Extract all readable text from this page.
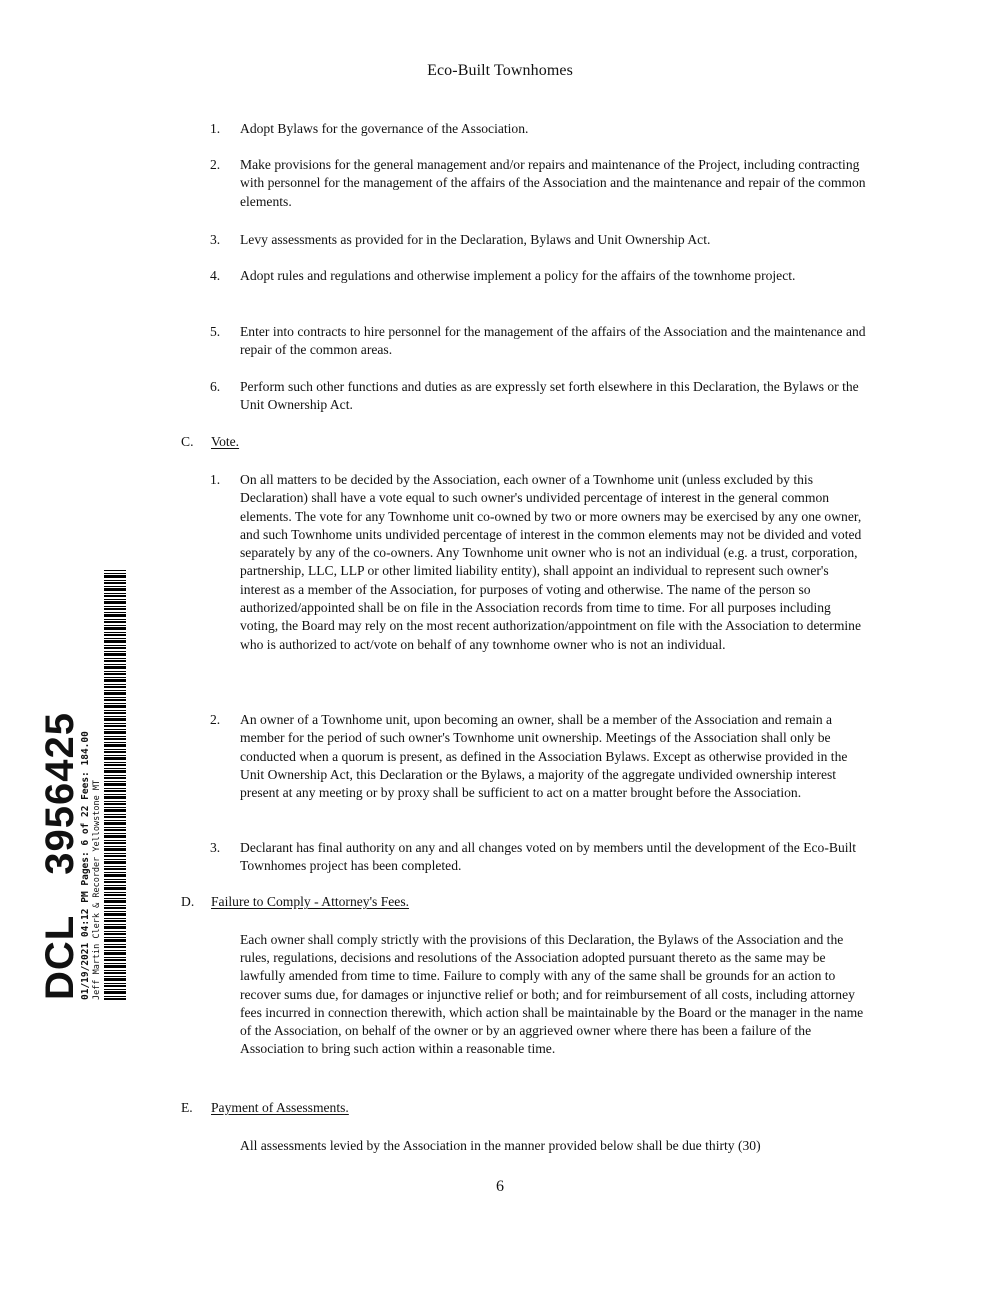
Eco-Built Townhomes
1.	Adopt Bylaws for the governance of the Association.
2.	Make provisions for the general management and/or repairs and maintenance of the Project, including contracting with personnel for the management of the affairs of the Association and the maintenance and repair of the common elements.
3.	Levy assessments as provided for in the Declaration, Bylaws and Unit Ownership Act.
4.	Adopt rules and regulations and otherwise implement a policy for the affairs of the townhome project.
5.	Enter into contracts to hire personnel for the management of the affairs of the Association and the maintenance and repair of the common areas.
6.	Perform such other functions and duties as are expressly set forth elsewhere in this Declaration, the Bylaws or the Unit Ownership Act.
C. Vote.
1.	On all matters to be decided by the Association, each owner of a Townhome unit (unless excluded by this Declaration) shall have a vote equal to such owner's undivided percentage of interest in the general common elements. The vote for any Townhome unit co-owned by two or more owners may be exercised by any one owner, and such Townhome units undivided percentage of interest in the common elements may not be divided and voted separately by any of the co-owners. Any Townhome unit owner who is not an individual (e.g. a trust, corporation, partnership, LLC, LLP or other limited liability entity), shall appoint an individual to represent such owner's interest as a member of the Association, for purposes of voting and otherwise. The name of the person so authorized/appointed shall be on file in the Association records from time to time. For all purposes including voting, the Board may rely on the most recent authorization/appointment on file with the Association to determine who is authorized to act/vote on behalf of any townhome owner who is not an individual.
2.	An owner of a Townhome unit, upon becoming an owner, shall be a member of the Association and remain a member for the period of such owner's Townhome unit ownership. Meetings of the Association shall only be conducted when a quorum is present, as defined in the Association Bylaws. Except as otherwise provided in the Unit Ownership Act, this Declaration or the Bylaws, a majority of the aggregate undivided ownership interest present at any meeting or by proxy shall be sufficient to act on a matter brought before the Association.
3.	Declarant has final authority on any and all changes voted on by members until the development of the Eco-Built Townhomes project has been completed.
D. Failure to Comply - Attorney's Fees.
Each owner shall comply strictly with the provisions of this Declaration, the Bylaws of the Association and the rules, regulations, decisions and resolutions of the Association adopted pursuant thereto as the same may be lawfully amended from time to time. Failure to comply with any of the same shall be grounds for an action to recover sums due, for damages or injunctive relief or both; and for reimbursement of all costs, including attorney fees incurred in connection therewith, which action shall be maintainable by the Board or the manager in the name of the Association, on behalf of the owner or by an aggrieved owner where there has been a failure of the Association to bring such action within a reasonable time.
E. Payment of Assessments.
All assessments levied by the Association in the manner provided below shall be due thirty (30)
6
DCL3956425
01/19/2021 04:12 PM Pages: 6 of 22 Fees: 184.00 Jeff Martin Clerk & Recorder Yellowstone MT
